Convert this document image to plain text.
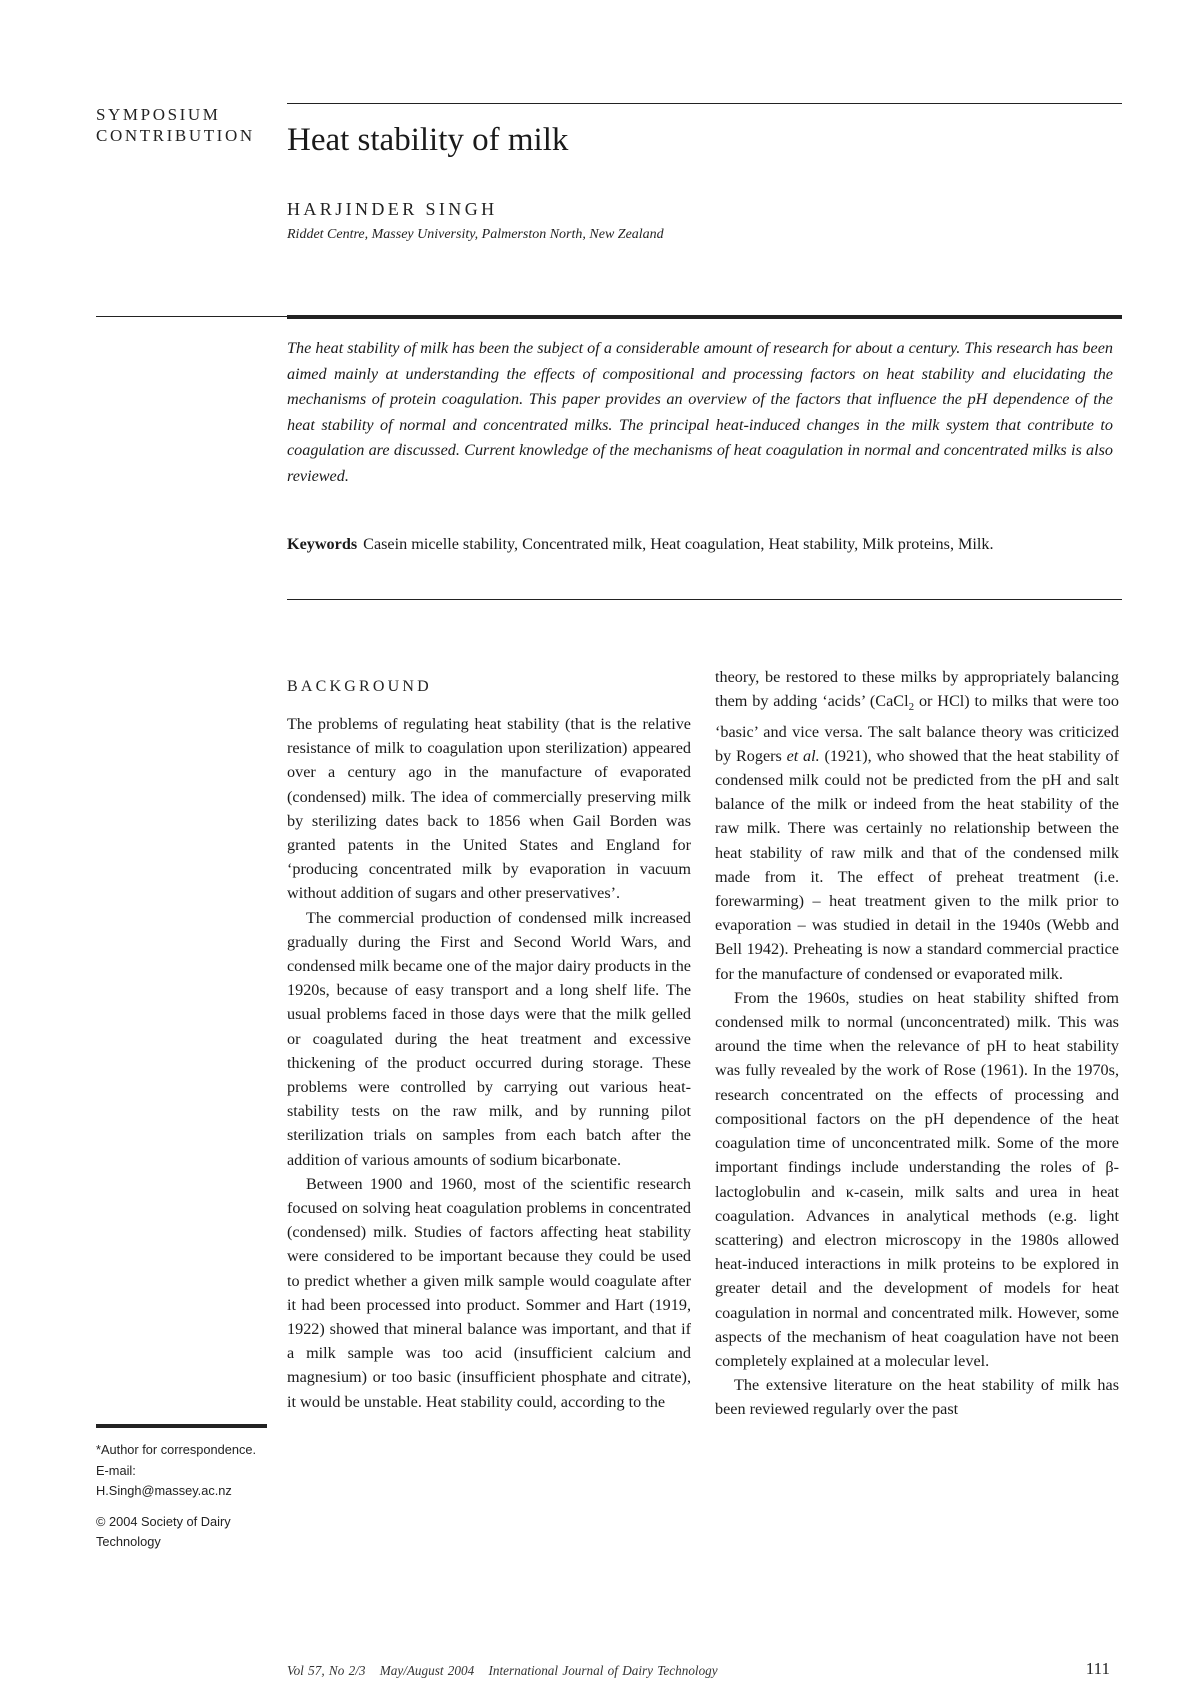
SYMPOSIUM
CONTRIBUTION Heat stability of milk
HARJINDER SINGH
Riddet Centre, Massey University, Palmerston North, New Zealand

The heat stability of milk has been the subject of a considerable amount of research for about a century. This research has been aimed mainly at understanding the effects of compositional and processing factors on heat stability and elucidating the mechanisms of protein coagulation. This paper provides an overview of the factors that influence the pH dependence of the heat stability of normal and concentrated milks. The principal heat-induced changes in the milk system that contribute to coagulation are discussed. Current knowledge of the mechanisms of heat coagulation in normal and concentrated milks is also reviewed.

Keywords Casein micelle stability, Concentrated milk, Heat coagulation, Heat stability, Milk proteins, Milk.

BACKGROUND

The problems of regulating heat stability (that is the relative resistance of milk to coagulation upon sterilization) appeared over a century ago in the manufacture of evaporated (condensed) milk. The idea of commercially preserving milk by sterilizing dates back to 1856 when Gail Borden was granted patents in the United States and England for ‘producing concentrated milk by evaporation in vacuum without addition of sugars and other preservatives’.

The commercial production of condensed milk increased gradually during the First and Second World Wars, and condensed milk became one of the major dairy products in the 1920s, because of easy transport and a long shelf life. The usual problems faced in those days were that the milk gelled or coagulated during the heat treatment and excessive thickening of the product occurred during storage. These problems were controlled by carrying out various heat-stability tests on the raw milk, and by running pilot sterilization trials on samples from each batch after the addition of various amounts of sodium bicarbonate.

Between 1900 and 1960, most of the scientific research focused on solving heat coagulation problems in concentrated (condensed) milk. Studies of factors affecting heat stability were considered to be important because they could be used to predict whether a given milk sample would coagulate after it had been processed into product. Sommer and Hart (1919, 1922) showed that mineral balance was important, and that if a milk sample was too acid (insufficient calcium and magnesium) or too basic (insufficient phosphate and citrate), it would be unstable. Heat stability could, according to the

theory, be restored to these milks by appropriately balancing them by adding ‘acids’ (CaCl$_2$ or HCl) to milks that were too ‘basic’ and vice versa. The salt balance theory was criticized by Rogers et al. (1921), who showed that the heat stability of condensed milk could not be predicted from the pH and salt balance of the milk or indeed from the heat stability of the raw milk. There was certainly no relationship between the heat stability of raw milk and that of the condensed milk made from it. The effect of preheat treatment (i.e. forewarming) – heat treatment given to the milk prior to evaporation – was studied in detail in the 1940s (Webb and Bell 1942). Preheating is now a standard commercial practice for the manufacture of condensed or evaporated milk.

From the 1960s, studies on heat stability shifted from condensed milk to normal (unconcentrated) milk. This was around the time when the relevance of pH to heat stability was fully revealed by the work of Rose (1961). In the 1970s, research concentrated on the effects of processing and compositional factors on the pH dependence of the heat coagulation time of unconcentrated milk. Some of the more important findings include understanding the roles of β-lactoglobulin and κ-casein, milk salts and urea in heat coagulation. Advances in analytical methods (e.g. light scattering) and electron microscopy in the 1980s allowed heat-induced interactions in milk proteins to be explored in greater detail and the development of models for heat coagulation in normal and concentrated milk. However, some aspects of the mechanism of heat coagulation have not been completely explained at a molecular level.

The extensive literature on the heat stability of milk has been reviewed regularly over the past

*Author for correspondence. E-mail: H.Singh@massey.ac.nz

© 2004 Society of Dairy Technology

Vol 57, No 2/3 May/August 2004 International Journal of Dairy Technology	111
